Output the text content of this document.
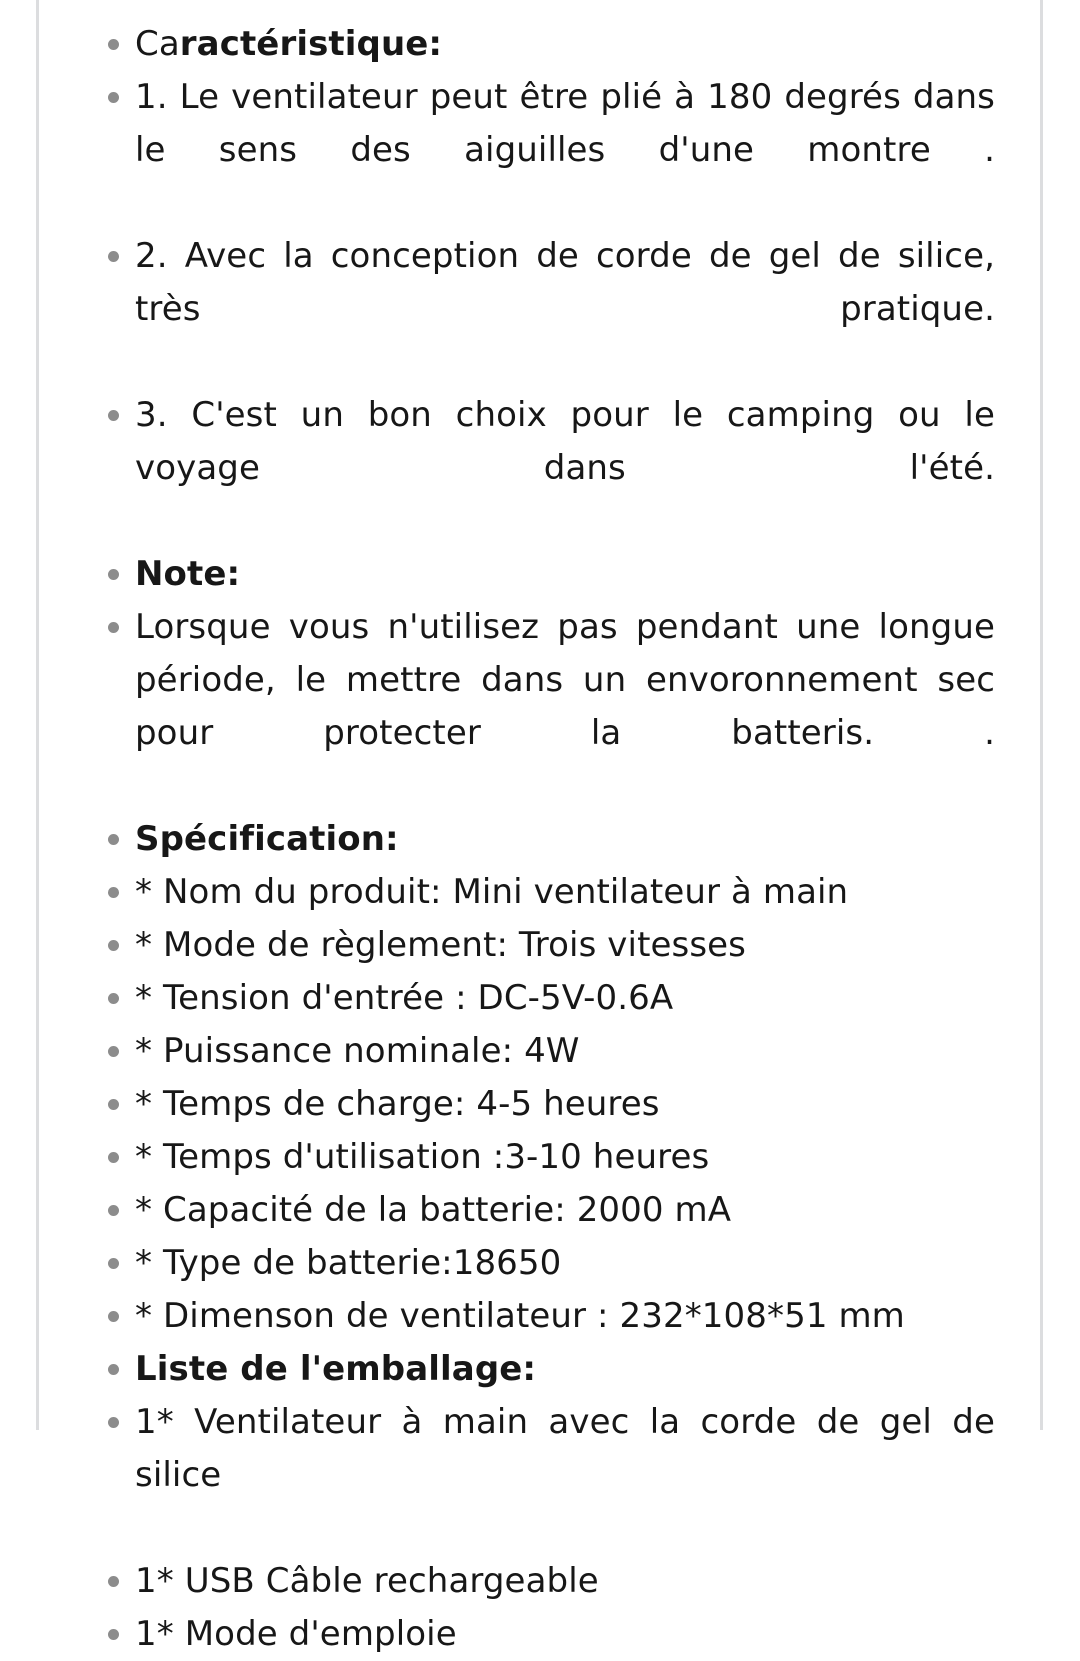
Caractéristique:
1. Le ventilateur peut être plié à 180 degrés dans le sens des aiguilles d'une montre .
2. Avec la conception de corde de gel de silice, très pratique.
3. C'est un bon choix pour le camping ou le voyage dans l'été.
Note:
Lorsque vous n'utilisez pas pendant une longue période, le mettre dans un envoronnement sec pour protecter la batteris. .
Spécification:
* Nom du produit: Mini ventilateur à main
* Mode de règlement: Trois vitesses
* Tension d'entrée : DC-5V-0.6A
* Puissance nominale: 4W
* Temps de charge: 4-5 heures
* Temps d'utilisation :3-10 heures
* Capacité de la batterie: 2000 mA
* Type de batterie:18650
* Dimenson de ventilateur : 232*108*51 mm
Liste de l'emballage:
1* Ventilateur à main avec la corde de gel de silice
1* USB Câble rechargeable
1* Mode d'emploie
